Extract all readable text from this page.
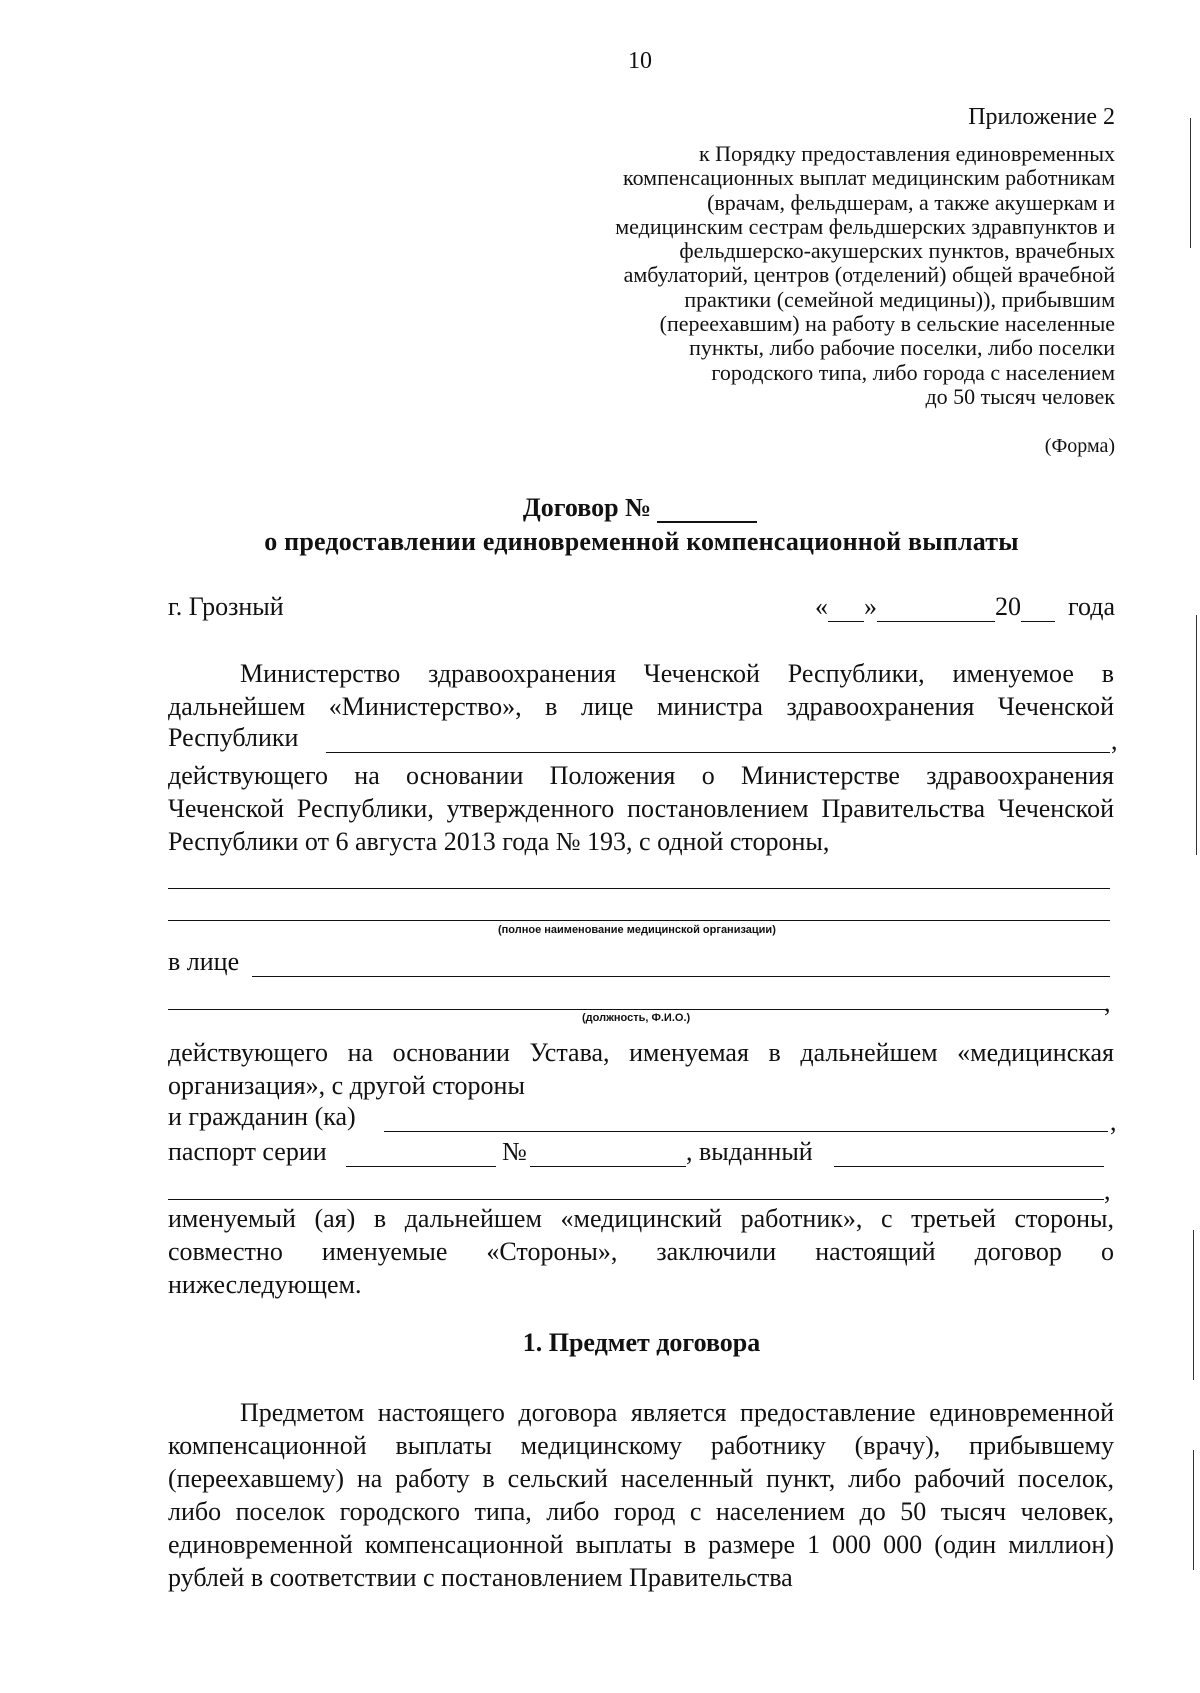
10
Приложение 2
к Порядку предоставления единовременных
компенсационных выплат медицинским работникам
(врачам, фельдшерам, а также акушеркам и
медицинским сестрам фельдшерских здравпунктов и
фельдшерско-акушерских пунктов, врачебных
амбулаторий, центров (отделений) общей врачебной
практики (семейной медицины)), прибывшим
(переехавшим) на работу в сельские населенные
пункты, либо рабочие поселки, либо поселки
городского типа, либо города с населением
до 50 тысяч человек
(Форма)
Договор №
о предоставлении единовременной компенсационной выплаты
г. Грозный	« »	20 года
Министерство здравоохранения Чеченской Республики, именуемое в
дальнейшем «Министерство», в лице министра здравоохранения Чеченской
Республики	,
действующего на основании Положения о Министерстве здравоохранения Чеченской Республики, утвержденного постановлением Правительства Чеченской Республики от 6 августа 2013 года № 193, с одной стороны,
(полное наименование медицинской организации)
в лице
,
(должность, Ф.И.О.)
действующего на основании Устава, именуемая в дальнейшем «медицинская организация», с другой стороны
и гражданин (ка)	,
паспорт серии	№	, выданный
,
именуемый (ая) в дальнейшем «медицинский работник», с третьей стороны, совместно именуемые «Стороны», заключили настоящий договор о нижеследующем.
1. Предмет договора
Предметом настоящего договора является предоставление единовременной компенсационной выплаты медицинскому работнику (врачу), прибывшему (переехавшему) на работу в сельский населенный пункт, либо рабочий поселок, либо поселок городского типа, либо город с населением до 50 тысяч человек, единовременной компенсационной выплаты в размере 1 000 000 (один миллион) рублей в соответствии с постановлением Правительства
